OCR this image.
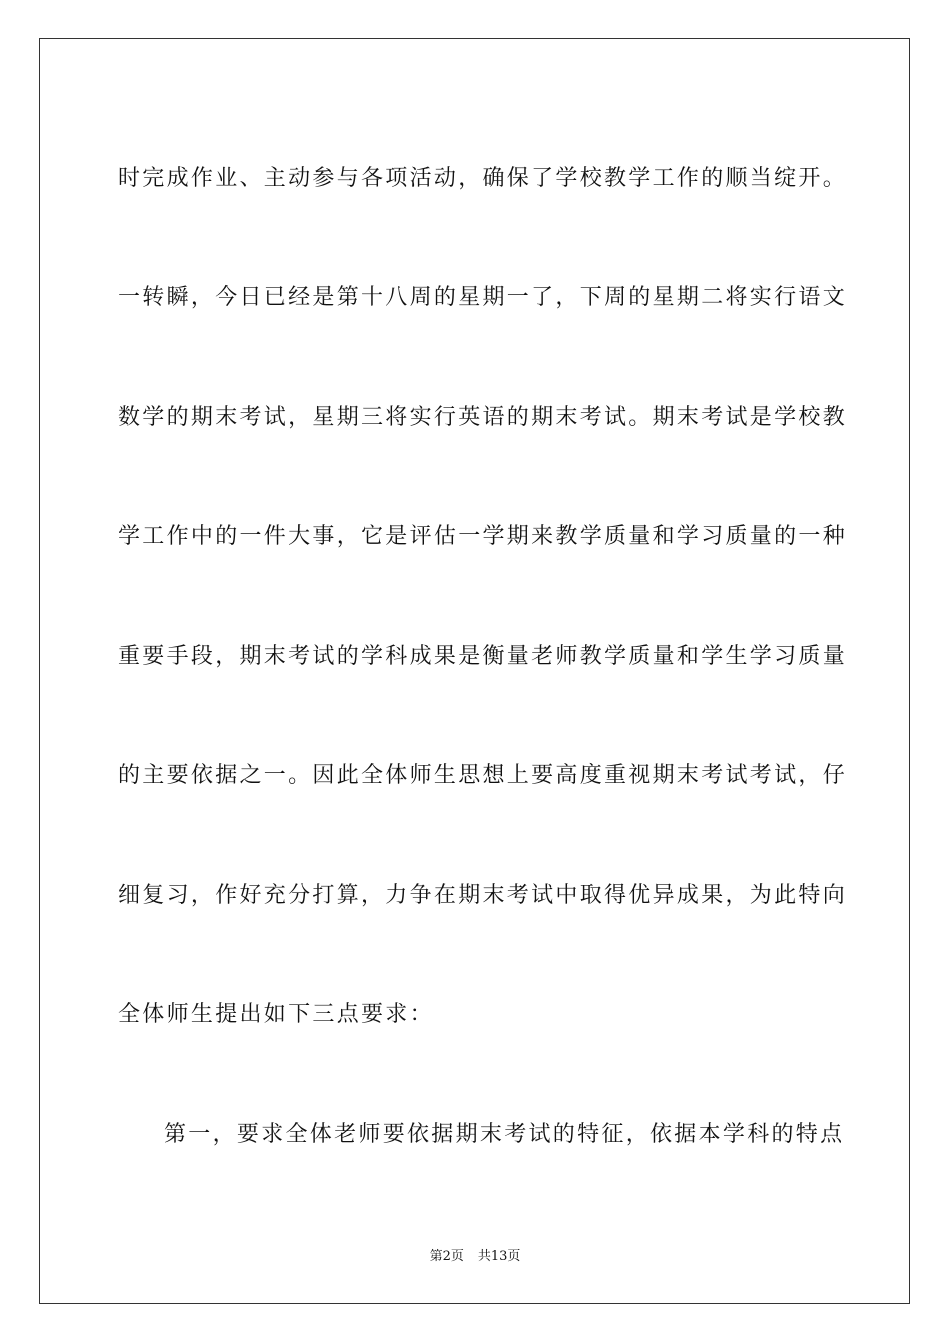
时完成作业、主动参与各项活动，确保了学校教学工作的顺当绽开。

一转瞬，今日已经是第十八周的星期一了，下周的星期二将实行语文

数学的期末考试，星期三将实行英语的期末考试。期末考试是学校教

学工作中的一件大事，它是评估一学期来教学质量和学习质量的一种

重要手段，期末考试的学科成果是衡量老师教学质量和学生学习质量

的主要依据之一。因此全体师生思想上要高度重视期末考试考试，仔

细复习，作好充分打算，力争在期末考试中取得优异成果，为此特向

全体师生提出如下三点要求：

第一，要求全体老师要依据期末考试的特征，依据本学科的特点

第2页 共13页
